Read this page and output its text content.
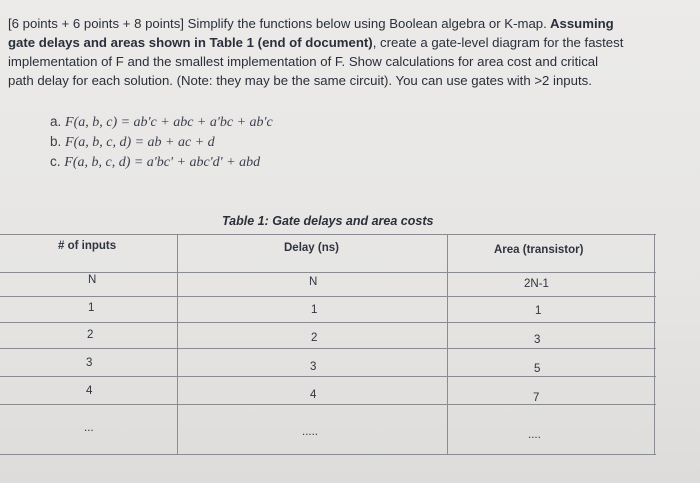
[6 points + 6 points + 8 points] Simplify the functions below using Boolean algebra or K-map. Assuming
gate delays and areas shown in Table 1 (end of document), create a gate-level diagram for the fastest
implementation of F and the smallest implementation of F. Show calculations for area cost and critical
path delay for each solution. (Note: they may be the same circuit). You can use gates with >2 inputs.
a. F(a, b, c) = ab'c + abc + a'bc + ab'c
b. F(a, b, c, d) = ab + ac + d
c. F(a, b, c, d) = a'bc' + abc'd' + abd
Table 1: Gate delays and area costs
# of inputs	Delay (ns)	Area (transistor)
N	N	2N-1
1	1	1
2	2	3
3	3	5
4	4	7
...	.....	....
